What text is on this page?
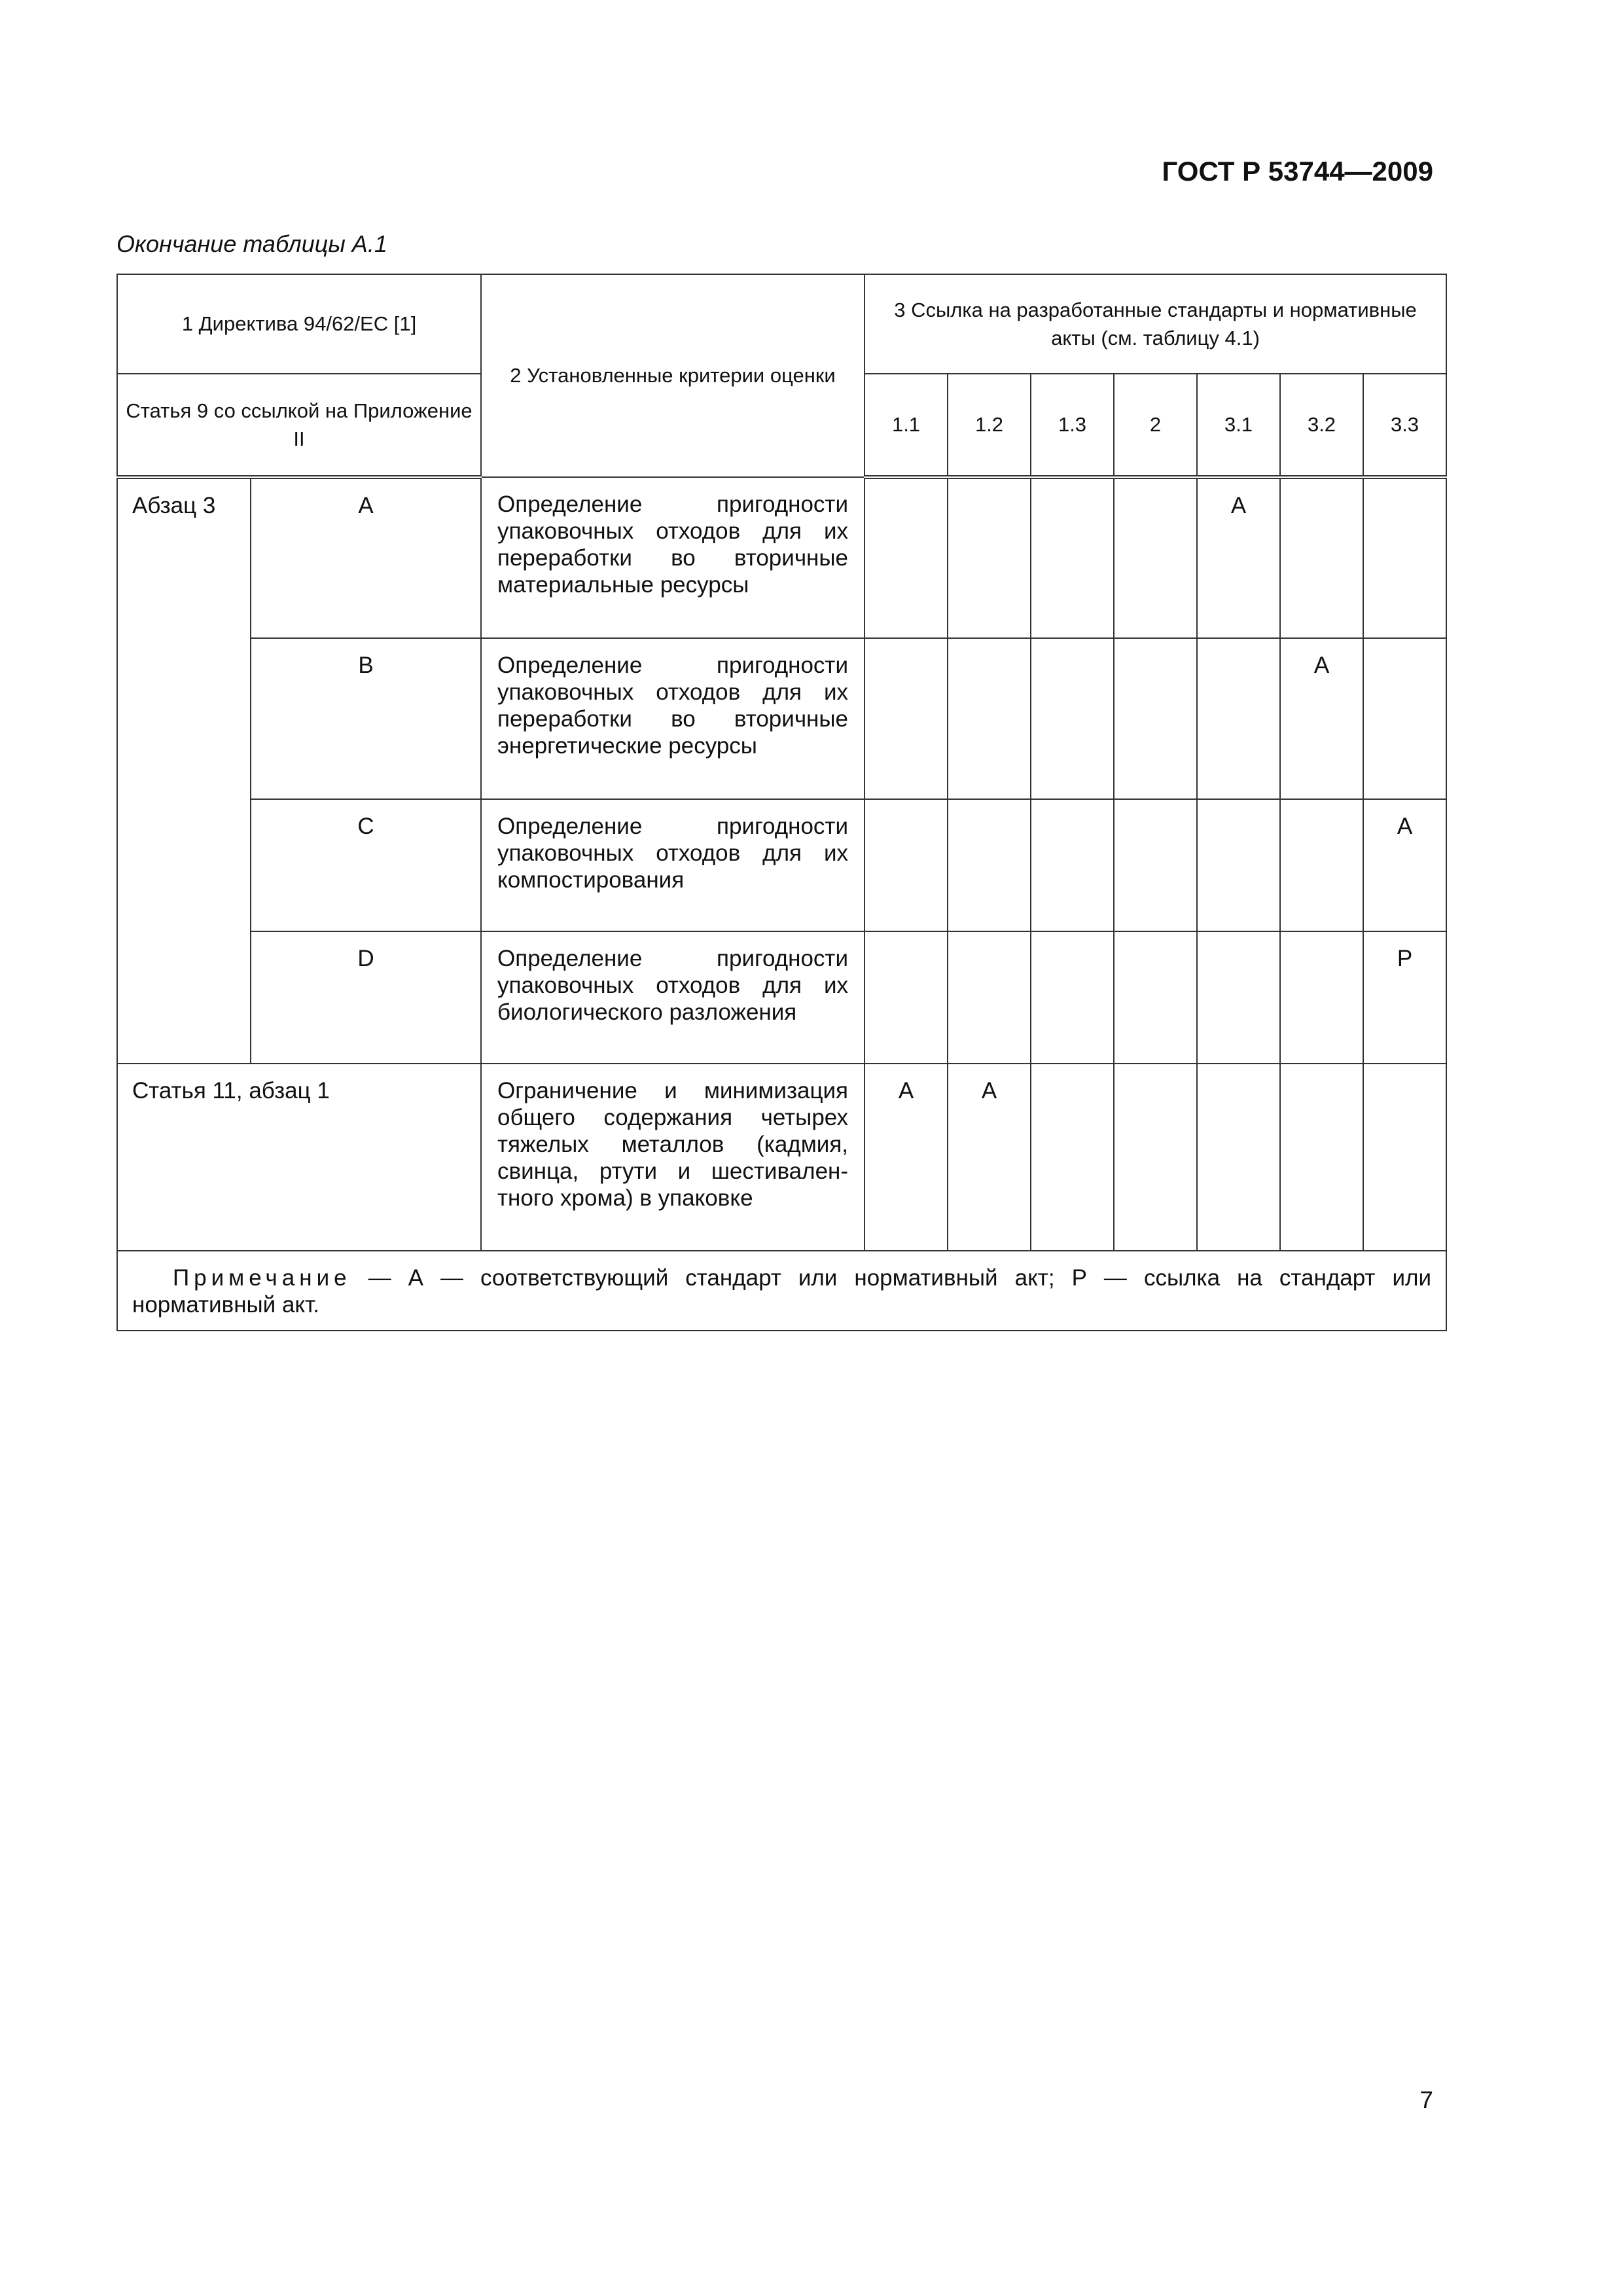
ГОСТ Р 53744—2009
Окончание таблицы А.1
1 Директива 94/62/ЕС [1]		2 Установленные критерии оценки	3 Ссылка на разработанные стандарты и нормативные акты (см. таблицу 4.1)						
Статья 9 со ссылкой на Приложение II			1.1	1.2	1.3	2	3.1	3.2	3.3
Абзац 3	A	Определение пригодности упаковочных отходов для их переработки во вторичные материальные ресурсы					A		
	B	Определение пригодности упаковочных отходов для их переработки во вторичные энергетические ресурсы						A	
	C	Определение пригодности упаковочных отходов для их компостирования							A
	D	Определение пригодности упаковочных отходов для их биологического разложения							P
Статья 11, абзац 1		Ограничение и минимизация общего содержания четырех тяжелых металлов (кадмия, свинца, ртути и шестивалентного хрома) в упаковке	A	A					
Примечание — А — соответствующий стандарт или нормативный акт; Р — ссылка на стандарт или нормативный акт.									
7
